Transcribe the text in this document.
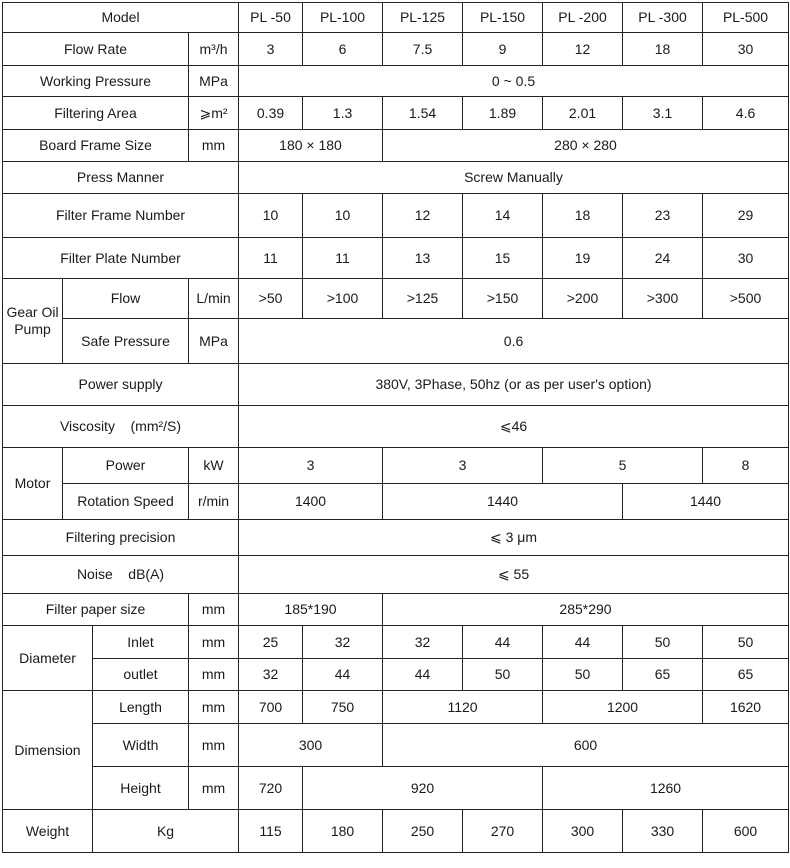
Model				PL -50	PL-100	PL-125	PL-150	PL -200	PL -300	PL-500
Flow Rate			m³/h	3	6	7.5	9	12	18	30
Working Pressure			MPa	0 ~ 0.5						
Filtering Area			⩾m²	0.39	1.3	1.54	1.89	2.01	3.1	4.6
Board Frame Size			mm	180 × 180		280 × 280				
Press Manner				Screw Manually						
Filter Frame Number				10	10	12	14	18	23	29
Filter Plate Number				11	11	13	15	19	24	30
Gear Oil Pump	Flow		L/min	>50	>100	>125	>150	>200	>300	>500
	Safe Pressure		MPa	0.6						
Power supply				380V, 3Phase, 50hz (or as per user's option)						
Viscosity    (mm²/S)				⩽46						
Motor	Power		kW	3		3		5		8
	Rotation Speed		r/min	1400		1440			1440	
Filtering precision				⩽ 3 μm						
Noise    dB(A)				⩽ 55						
Filter paper size			mm	185*190		285*290				
Diameter		Inlet	mm	25	32	32	44	44	50	50
		outlet	mm	32	44	44	50	50	65	65
Dimension		Length	mm	700	750	1120		1200		1620
		Width	mm	300		600				
		Height	mm	720	920			1260		
Weight		Kg		115	180	250	270	300	330	600
